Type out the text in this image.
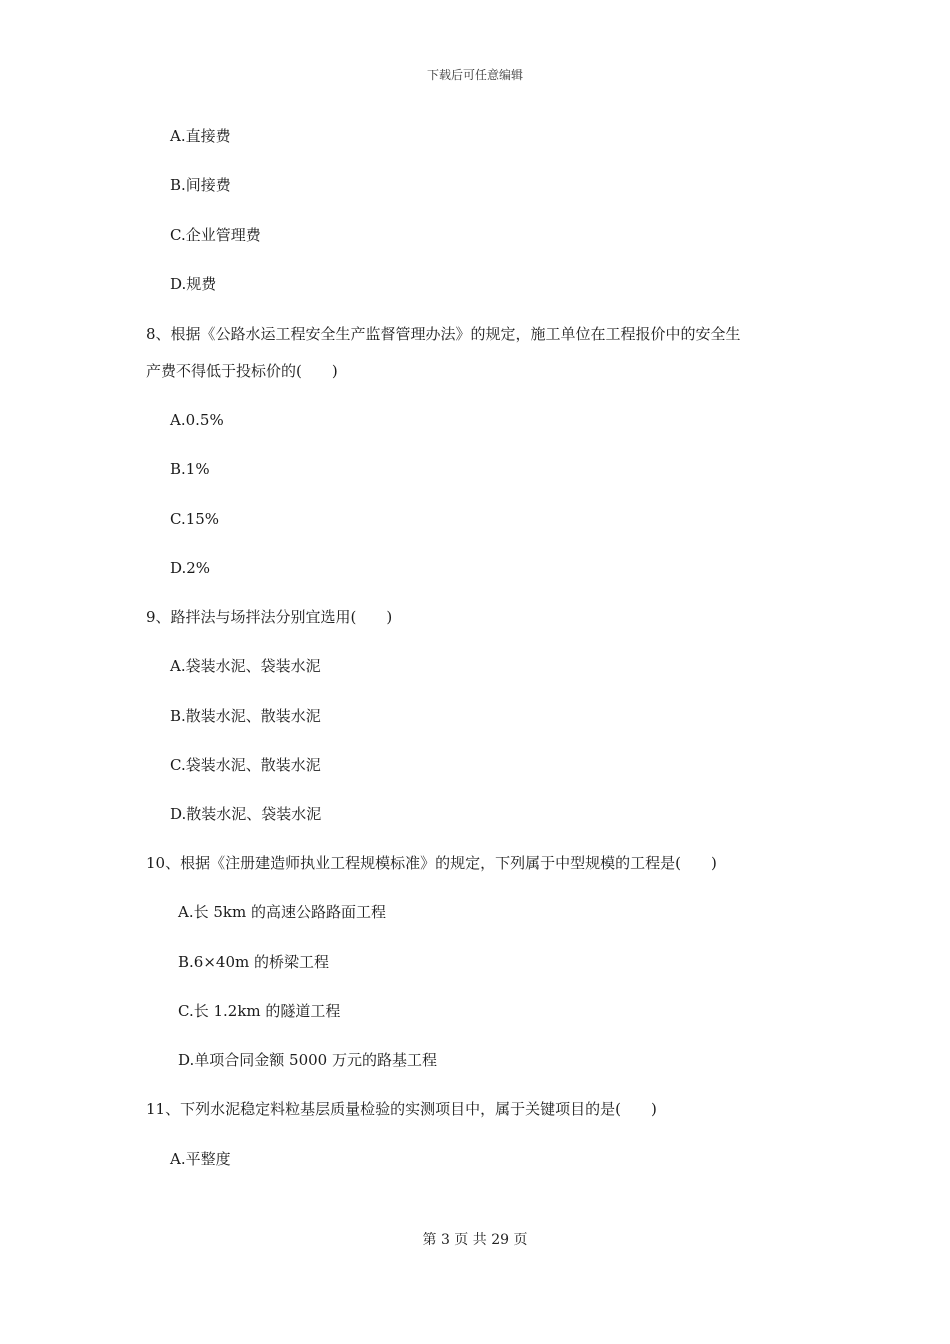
下载后可任意编辑
A.直接费
B.间接费
C.企业管理费
D.规费
8、根据《公路水运工程安全生产监督管理办法》的规定，施工单位在工程报价中的安全生
产费不得低于投标价的(　　)
A.0.5%
B.1%
C.15%
D.2%
9、路拌法与场拌法分别宜选用(　　)
A.袋装水泥、袋装水泥
B.散装水泥、散装水泥
C.袋装水泥、散装水泥
D.散装水泥、袋装水泥
10、根据《注册建造师执业工程规模标准》的规定，下列属于中型规模的工程是(　　)
A.长 5km 的高速公路路面工程
B.6×40m 的桥梁工程
C.长 1.2km 的隧道工程
D.单项合同金额 5000 万元的路基工程
11、下列水泥稳定料粒基层质量检验的实测项目中，属于关键项目的是(　　)
A.平整度
第 3 页 共 29 页
